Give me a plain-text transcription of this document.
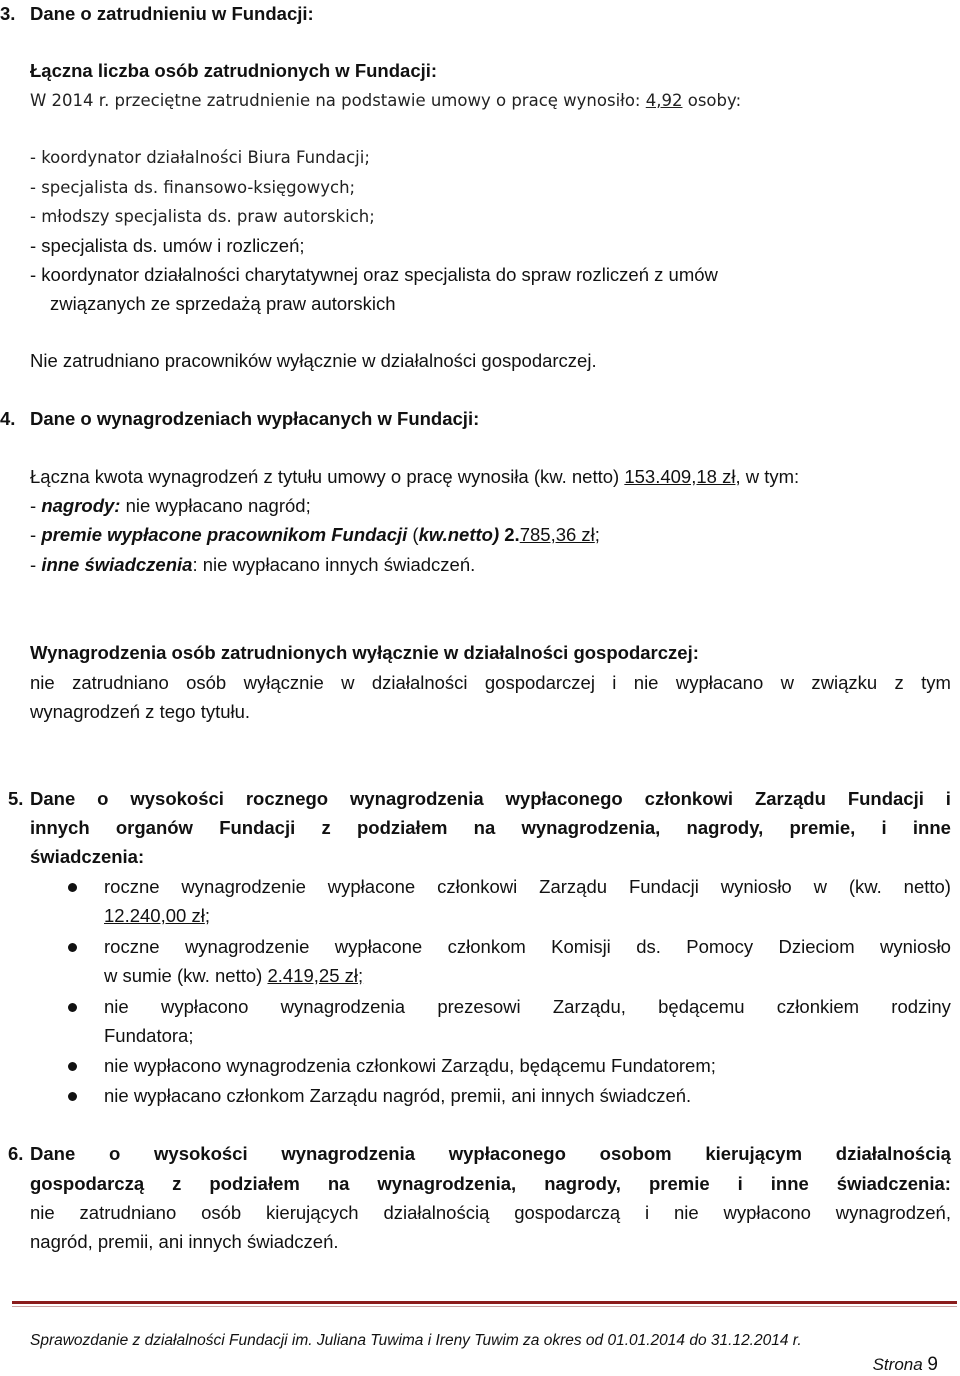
3. Dane o zatrudnieniu w Fundacji:
Łączna liczba osób zatrudnionych w Fundacji:
W 2014 r. przeciętne zatrudnienie na podstawie umowy o pracę wynosiło: 4,92 osoby:
- koordynator działalności Biura Fundacji;
- specjalista ds. finansowo-księgowych;
- młodszy specjalista ds. praw autorskich;
- specjalista ds. umów i rozliczeń;
- koordynator działalności charytatywnej oraz specjalista do spraw rozliczeń z umów
związanych ze sprzedażą praw autorskich
Nie zatrudniano pracowników wyłącznie w działalności gospodarczej.
4. Dane o wynagrodzeniach wypłacanych w Fundacji:
Łączna kwota wynagrodzeń z tytułu umowy o pracę wynosiła (kw. netto) 153.409,18 zł, w tym:
- nagrody: nie wypłacano nagród;
- premie wypłacone pracownikom Fundacji (kw.netto) 2.785,36 zł;
- inne świadczenia: nie wypłacano innych świadczeń.
Wynagrodzenia osób zatrudnionych wyłącznie w działalności gospodarczej:
nie zatrudniano osób wyłącznie w działalności gospodarczej i nie wypłacano w związku z tym
wynagrodzeń z tego tytułu.
5. Dane o wysokości rocznego wynagrodzenia wypłaconego członkowi Zarządu Fundacji i
innych organów Fundacji z podziałem na wynagrodzenia, nagrody, premie, i inne
świadczenia:
roczne wynagrodzenie wypłacone członkowi Zarządu Fundacji wyniosło w (kw. netto)
12.240,00 zł;
roczne wynagrodzenie wypłacone członkom Komisji ds. Pomocy Dzieciom wyniosło
w sumie (kw. netto) 2.419,25 zł;
nie wypłacono wynagrodzenia prezesowi Zarządu, będącemu członkiem rodziny
Fundatora;
nie wypłacono wynagrodzenia członkowi Zarządu, będącemu Fundatorem;
nie wypłacano członkom Zarządu nagród, premii, ani innych świadczeń.
6. Dane o wysokości wynagrodzenia wypłaconego osobom kierującym działalnością
gospodarczą z podziałem na wynagrodzenia, nagrody, premie i inne świadczenia:
nie zatrudniano osób kierujących działalnością gospodarczą i nie wypłacono wynagrodzeń,
nagród, premii, ani innych świadczeń.
Sprawozdanie z działalności Fundacji im. Juliana Tuwima i Ireny Tuwim za okres od 01.01.2014 do 31.12.2014 r.
Strona 9
